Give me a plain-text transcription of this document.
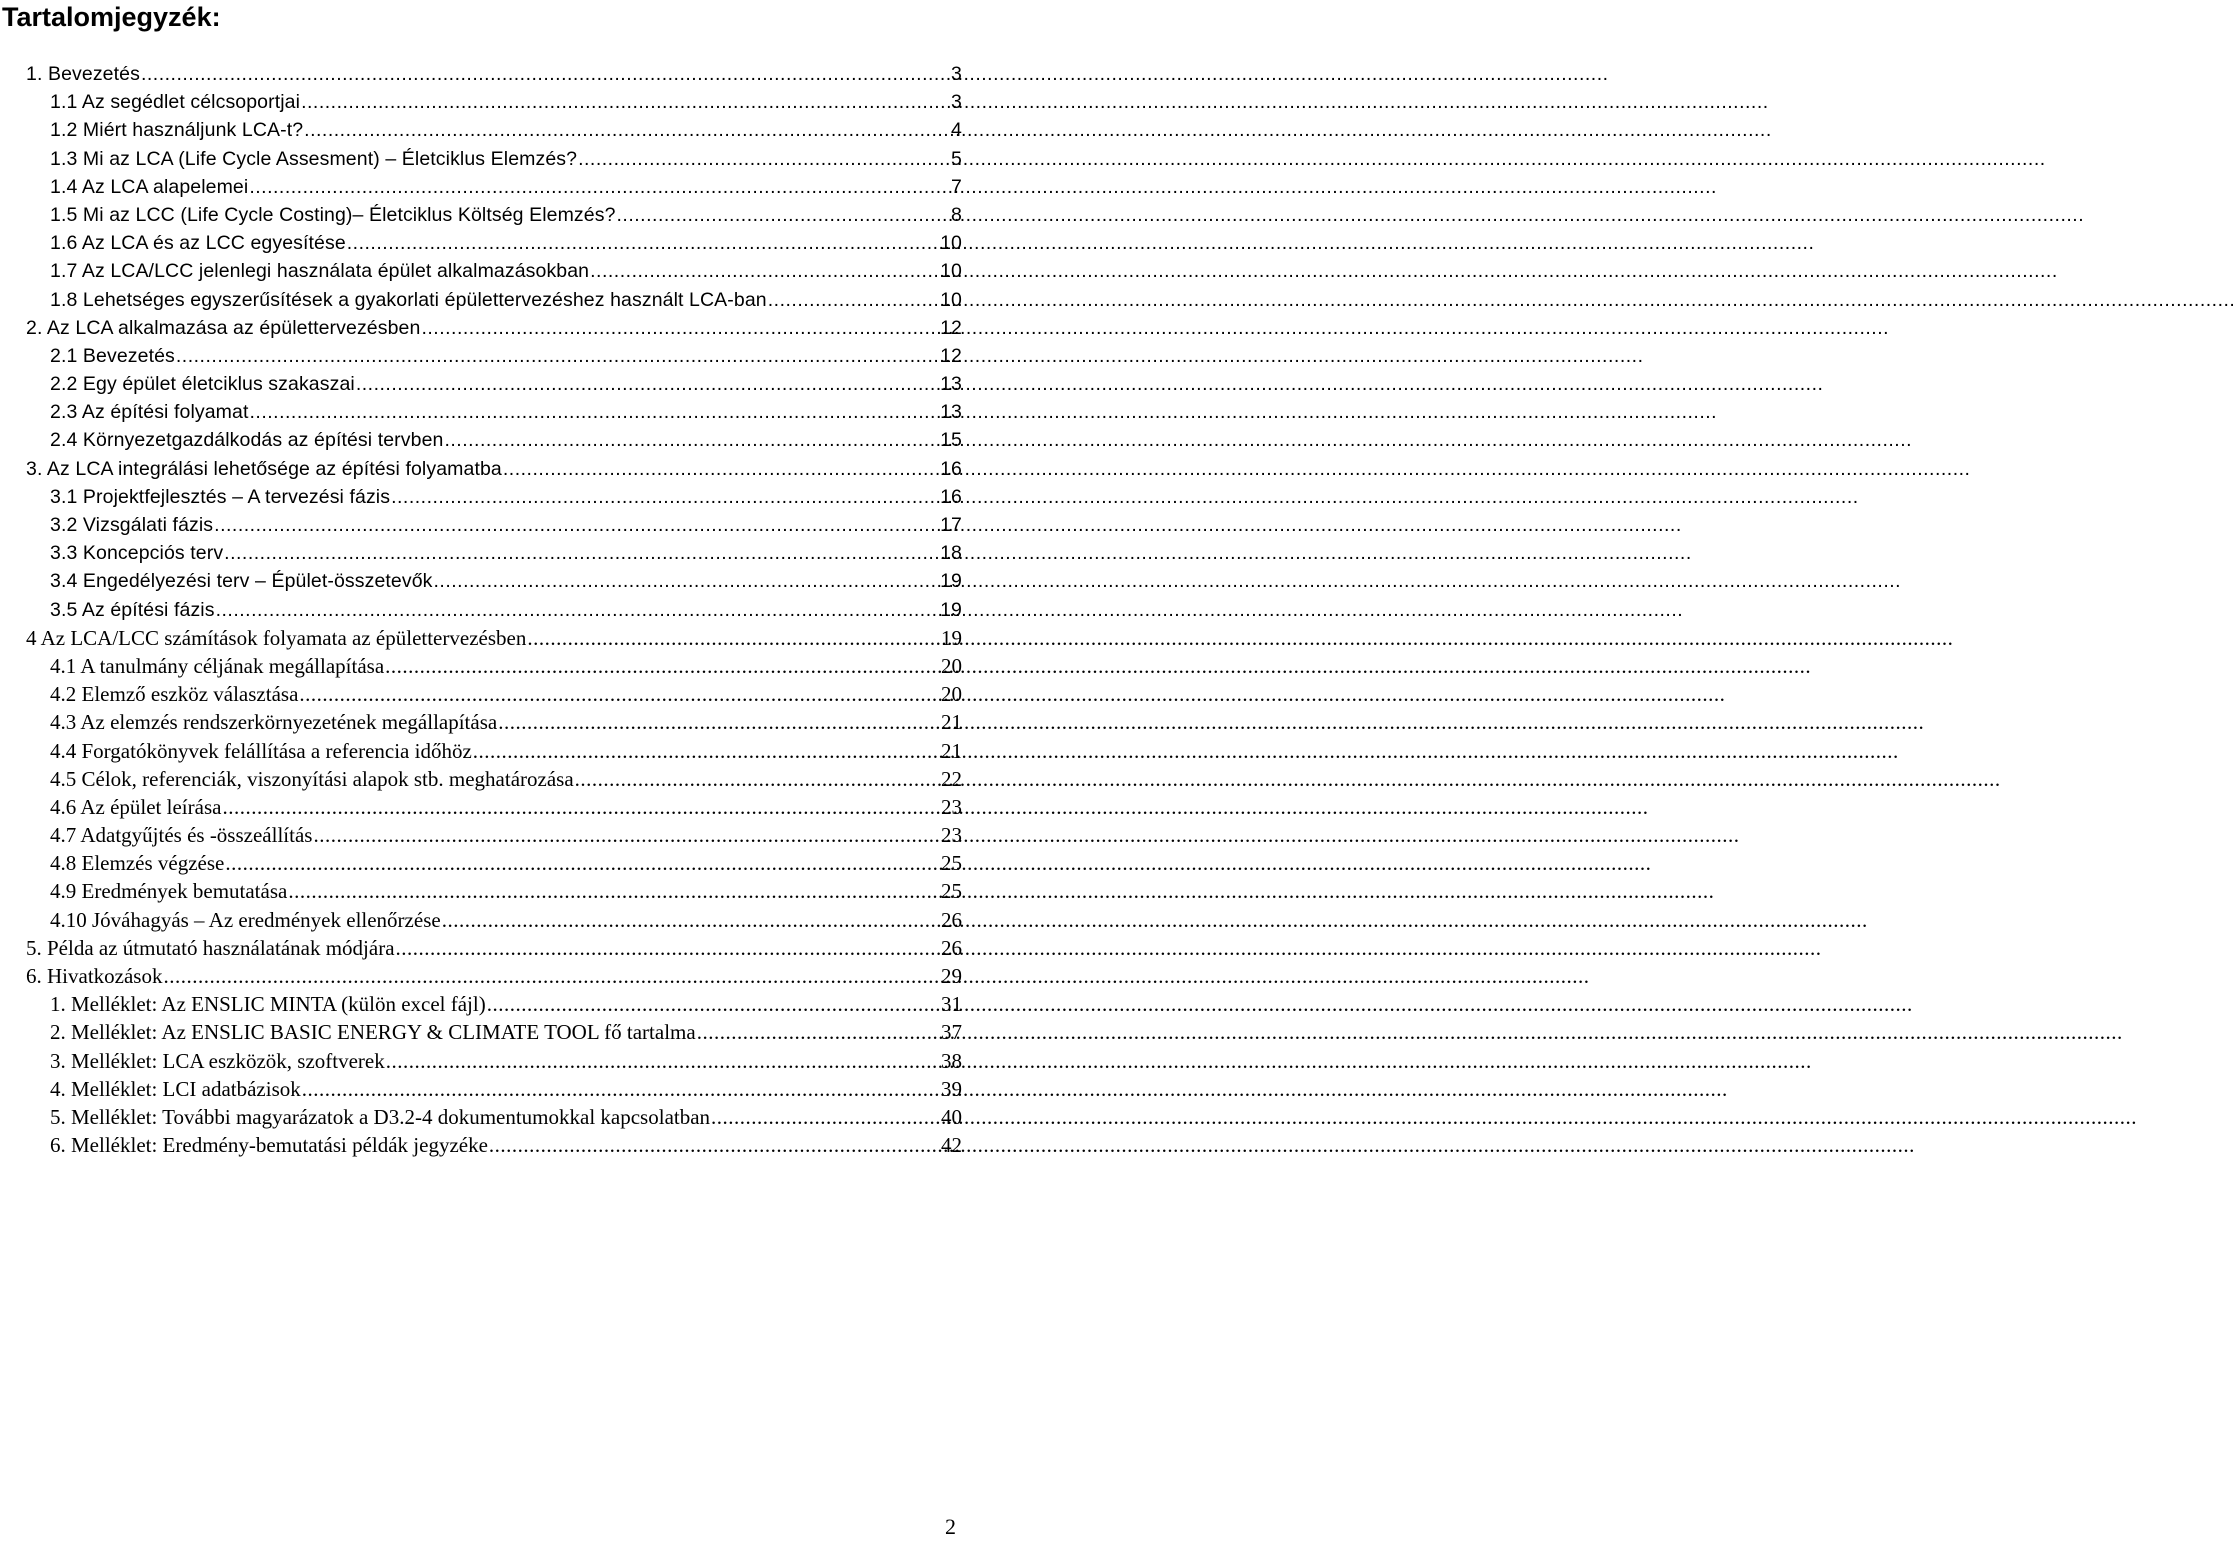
Tartalomjegyzék:
1. Bevezetés .....	3
1.1 Az segédlet célcsoportjai .....	3
1.2 Miért használjunk LCA-t? .....	4
1.3 Mi az LCA (Life Cycle Assesment) – Életciklus Elemzés? .....	5
1.4 Az LCA alapelemei .....	7
1.5 Mi az LCC (Life Cycle Costing)– Életciklus Költség Elemzés? .....	8
1.6 Az LCA és az LCC egyesítése .....	10
1.7 Az LCA/LCC jelenlegi használata épület alkalmazásokban .....	10
1.8 Lehetséges egyszerűsítések a gyakorlati épülettervezéshez használt LCA-ban .....	10
2. Az LCA alkalmazása az épülettervezésben .....	12
2.1 Bevezetés .....	12
2.2 Egy épület életciklus szakaszai .....	13
2.3 Az építési folyamat .....	13
2.4 Környezetgazdálkodás az építési tervben .....	15
3. Az LCA integrálási lehetősége az építési folyamatba .....	16
3.1 Projektfejlesztés – A tervezési fázis .....	16
3.2 Vizsgálati fázis .....	17
3.3 Koncepciós terv .....	18
3.4 Engedélyezési terv – Épület-összetevők .....	19
3.5 Az építési fázis .....	19
4 Az LCA/LCC számítások folyamata az épülettervezésben .....	19
4.1 A tanulmány céljának megállapítása .....	20
4.2 Elemző eszköz választása .....	20
4.3 Az elemzés rendszerkörnyezetének megállapítása .....	21
4.4 Forgatókönyvek felállítása a referencia időhöz .....	21
4.5 Célok, referenciák, viszonyítási alapok stb. meghatározása .....	22
4.6 Az épület leírása .....	23
4.7 Adatgyűjtés és -összeállítás .....	23
4.8 Elemzés végzése .....	25
4.9 Eredmények bemutatása .....	25
4.10 Jóváhagyás – Az eredmények ellenőrzése .....	26
5. Példa az útmutató használatának módjára .....	26
6. Hivatkozások .....	29
1. Melléklet: Az ENSLIC MINTA (külön excel fájl) .....	31
2. Melléklet: Az ENSLIC BASIC ENERGY & CLIMATE TOOL fő tartalma .....	37
3. Melléklet: LCA eszközök, szoftverek .....	38
4. Melléklet: LCI adatbázisok .....	39
5. Melléklet: További magyarázatok a D3.2-4 dokumentumokkal kapcsolatban .....	40
6. Melléklet: Eredmény-bemutatási példák jegyzéke .....	42
2
